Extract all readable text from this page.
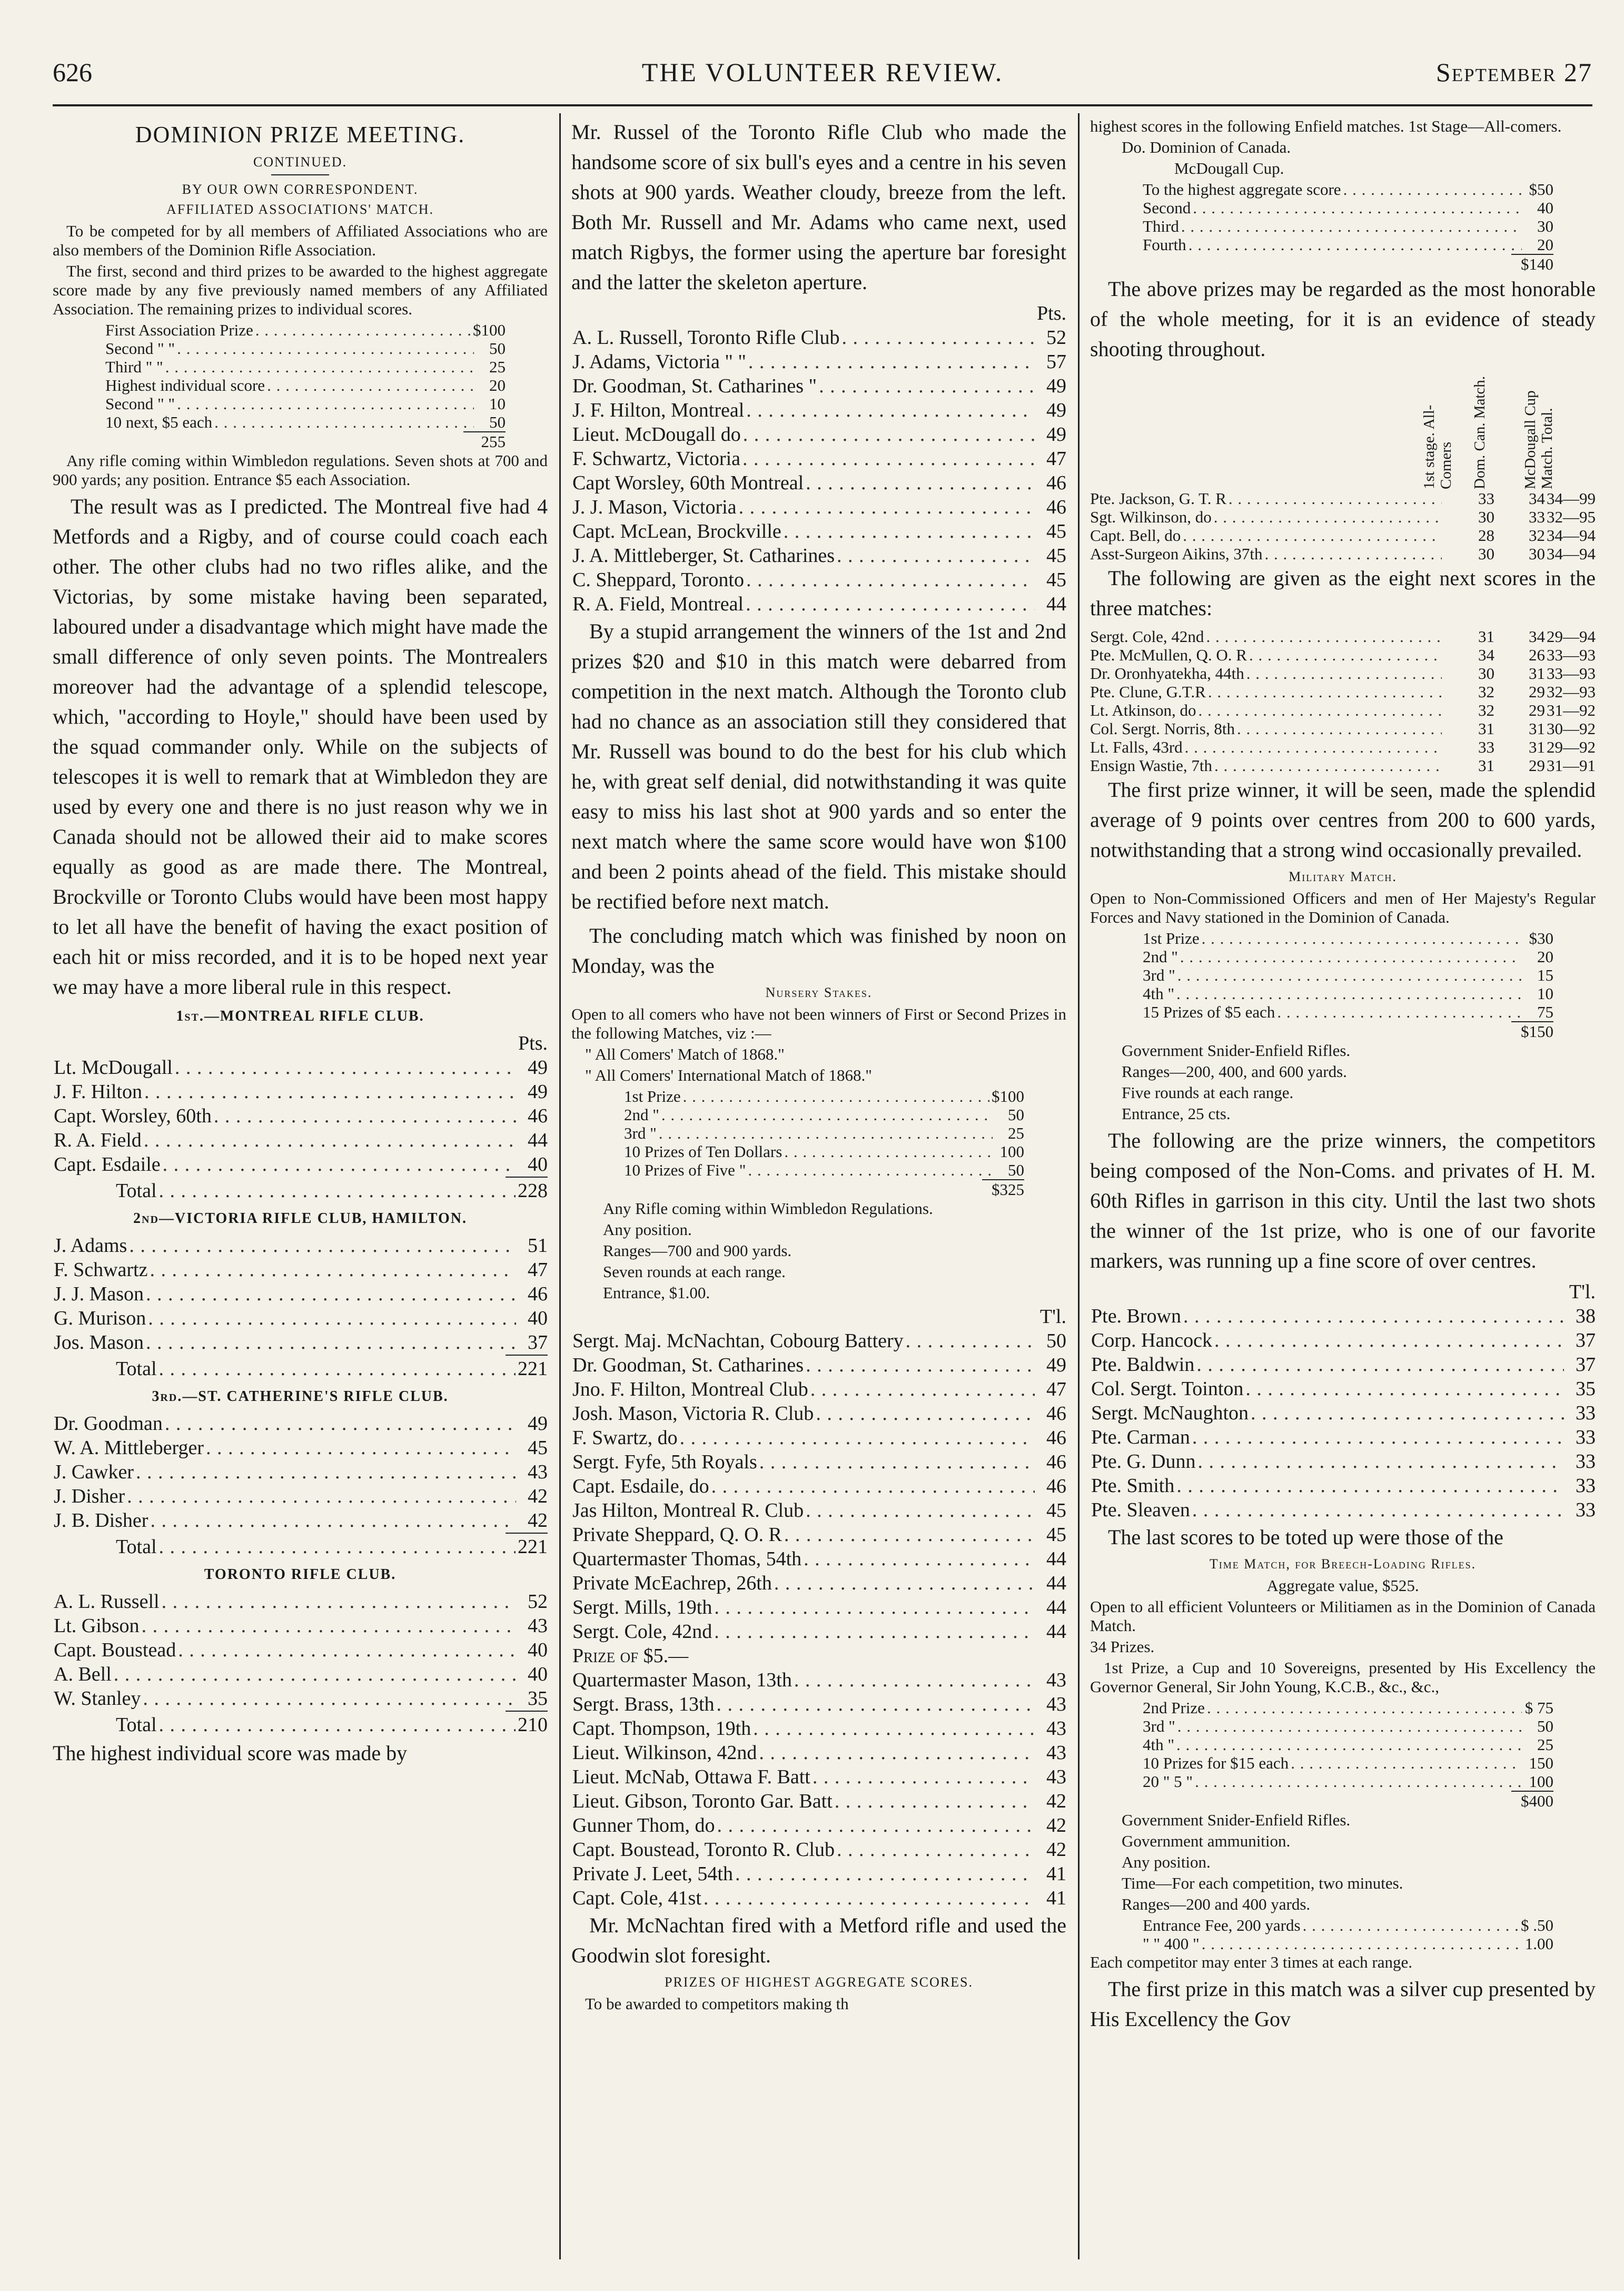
626	THE VOLUNTEER REVIEW.	September 27
DOMINION PRIZE MEETING.
CONTINUED.
BY OUR OWN CORRESPONDENT.
AFFILIATED ASSOCIATIONS' MATCH.

To be competed for by all members of Affiliated Associations who are also members of the Dominion Rifle Association.

The first, second and third prizes to be awarded to the highest aggregate score made by any five previously named members of any Affiliated Association. The remaining prizes to individual scores.

First Association Prize . . .	$100
Second " " . . .	50
Third " " . . .	25
Highest individual score . . .	20
Second " " . . .	10
10 next, $5 each . . .	50
255

Any rifle coming within Wimbledon regulations. Seven shots at 700 and 900 yards; any position. Entrance $5 each Association.

The result was as I predicted. The Montreal five had 4 Metfords and a Rigby, and of course could coach each other. The other clubs had no two rifles alike, and the Victorias, by some mistake having been separated, laboured under a disadvantage which might have made the small difference of only seven points. The Montrealers moreover had the advantage of a splendid telescope, which, "according to Hoyle," should have been used by the squad commander only. While on the subjects of telescopes it is well to remark that at Wimbledon they are used by every one and there is no just reason why we in Canada should not be allowed their aid to make scores equally as good as are made there. The Montreal, Brockville or Toronto Clubs would have been most happy to let all have the benefit of having the exact position of each hit or miss recorded, and it is to be hoped next year we may have a more liberal rule in this respect.

1st.—MONTREAL RIFLE CLUB.
Pts.
Lt. McDougall . . .	49
J. F. Hilton . . .	49
Capt. Worsley, 60th . . .	46
R. A. Field . . .	44
Capt. Esdaile . . .	40
Total . . .	228
2nd—VICTORIA RIFLE CLUB, HAMILTON.
J. Adams . . .	51
F. Schwartz . . .	47
J. J. Mason . . .	46
G. Murison . . .	40
Jos. Mason . . .	37
Total . . .	221
3rd.—ST. CATHERINE'S RIFLE CLUB.
Dr. Goodman . . .	49
W. A. Mittleberger . . .	45
J. Cawker . . .	43
J. Disher . . .	42
J. B. Disher . . .	42
Total . . .	221
TORONTO RIFLE CLUB.
A. L. Russell . . .	52
Lt. Gibson . . .	43
Capt. Boustead . . .	40
A. Bell . . .	40
W. Stanley . . .	35
Total . . .	210

The highest individual score was made by

Mr. Russel of the Toronto Rifle Club who made the handsome score of six bull's eyes and a centre in his seven shots at 900 yards. Weather cloudy, breeze from the left. Both Mr. Russell and Mr. Adams who came next, used match Rigbys, the former using the aperture bar foresight and the latter the skeleton aperture.

Pts.
A. L. Russell, Toronto Rifle Club . . .	52
J. Adams, Victoria " " . . .	57
Dr. Goodman, St. Catharines " . . .	49
J. F. Hilton, Montreal . . .	49
Lieut. McDougall do . . .	49
F. Schwartz, Victoria . . .	47
Capt Worsley, 60th Montreal . . .	46
J. J. Mason, Victoria . . .	46
Capt. McLean, Brockville . . .	45
J. A. Mittleberger, St. Catharines . . .	45
C. Sheppard, Toronto . . .	45
R. A. Field, Montreal . . .	44

By a stupid arrangement the winners of the 1st and 2nd prizes $20 and $10 in this match were debarred from competition in the next match. Although the Toronto club had no chance as an association still they considered that Mr. Russell was bound to do the best for his club which he, with great self denial, did notwithstanding it was quite easy to miss his last shot at 900 yards and so enter the next match where the same score would have won $100 and been 2 points ahead of the field. This mistake should be rectified before next match.

The concluding match which was finished by noon on Monday, was the

Nursery Stakes.

Open to all comers who have not been winners of First or Second Prizes in the following Matches, viz :—

" All Comers' Match of 1868."

" All Comers' International Match of 1868."

1st Prize . . .	$100
2nd " . . .	50
3rd " . . .	25
10 Prizes of Ten Dollars . . .	100
10 Prizes of Five " . . .	50
$325
Any Rifle coming within Wimbledon Regulations.
Any position.
Ranges—700 and 900 yards.
Seven rounds at each range.
Entrance, $1.00.
T'l.
Sergt. Maj. McNachtan, Cobourg Battery . . .	50
Dr. Goodman, St. Catharines . . .	49
Jno. F. Hilton, Montreal Club . . .	47
Josh. Mason, Victoria R. Club . . .	46
F. Swartz, do . . .	46
Sergt. Fyfe, 5th Royals . . .	46
Capt. Esdaile, do . . .	46
Jas Hilton, Montreal R. Club . . .	45
Private Sheppard, Q. O. R . . .	45
Quartermaster Thomas, 54th . . .	44
Private McEachrep, 26th . . .	44
Sergt. Mills, 19th . . .	44
Sergt. Cole, 42nd . . .	44
Prize of $5.—
Quartermaster Mason, 13th . . .	43
Sergt. Brass, 13th . . .	43
Capt. Thompson, 19th . . .	43
Lieut. Wilkinson, 42nd . . .	43
Lieut. McNab, Ottawa F. Batt . . .	43
Lieut. Gibson, Toronto Gar. Batt . . .	42
Gunner Thom, do . . .	42
Capt. Boustead, Toronto R. Club . . .	42
Private J. Leet, 54th . . .	41
Capt. Cole, 41st . . .	41

Mr. McNachtan fired with a Metford rifle and used the Goodwin slot foresight.

PRIZES OF HIGHEST AGGREGATE SCORES.

To be awarded to competitors making th

highest scores in the following Enfield matches. 1st Stage—All-comers.

Do. Dominion of Canada.

McDougall Cup.

To the highest aggregate score . . .	$50
Second . . .	40
Third . . .	30
Fourth . . .	20
$140

The above prizes may be regarded as the most honorable of the whole meeting, for it is an evidence of steady shooting throughout.

1st stage. All-Comers	Dom. Can. Match.	McDougall Cup Match. Total.
Pte. Jackson, G. T. R . . .	33	34 34—99
Sgt. Wilkinson, do . . .	30	33 32—95
Capt. Bell, do . . .	28	32 34—94
Asst-Surgeon Aikins, 37th . . .	30	30 34—94

The following are given as the eight next scores in the three matches:

Sergt. Cole, 42nd . . .	31	34 29—94
Pte. McMullen, Q. O. R . . .	34	26 33—93
Dr. Oronhyatekha, 44th . . .	30	31 33—93
Pte. Clune, G.T.R . . .	32	29 32—93
Lt. Atkinson, do . . .	32	29 31—92
Col. Sergt. Norris, 8th . . .	31	31 30—92
Lt. Falls, 43rd . . .	33	31 29—92
Ensign Wastie, 7th . . .	31	29 31—91

The first prize winner, it will be seen, made the splendid average of 9 points over centres from 200 to 600 yards, notwithstanding that a strong wind occasionally prevailed.

Military Match.

Open to Non-Commissioned Officers and men of Her Majesty's Regular Forces and Navy stationed in the Dominion of Canada.

1st Prize . . .	$30
2nd " . . .	20
3rd " . . .	15
4th " . . .	10
15 Prizes of $5 each . . .	75
$150
Government Snider-Enfield Rifles.
Ranges—200, 400, and 600 yards.
Five rounds at each range.
Entrance, 25 cts.

The following are the prize winners, the competitors being composed of the Non-Coms. and privates of H. M. 60th Rifles in garrison in this city. Until the last two shots the winner of the 1st prize, who is one of our favorite markers, was running up a fine score of over centres.

T'l.
Pte. Brown . . .	38
Corp. Hancock . . .	37
Pte. Baldwin . . .	37
Col. Sergt. Tointon . . .	35
Sergt. McNaughton . . .	33
Pte. Carman . . .	33
Pte. G. Dunn . . .	33
Pte. Smith . . .	33
Pte. Sleaven . . .	33

The last scores to be toted up were those of the

Time Match, for Breech-Loading Rifles.
Aggregate value, $525.

Open to all efficient Volunteers or Militiamen as in the Dominion of Canada Match.

34 Prizes.

1st Prize, a Cup and 10 Sovereigns, presented by His Excellency the Governor General, Sir John Young, K.C.B., &c., &c.,

2nd Prize . . .	$ 75
3rd " . . .	50
4th " . . .	25
10 Prizes for $15 each . . .	150
20 " 5 " . . .	100
$400
Government Snider-Enfield Rifles.
Government ammunition.
Any position.
Time—For each competition, two minutes.
Ranges—200 and 400 yards.
Entrance Fee, 200 yards . . .	$ .50
" " 400 " . . .	1.00

Each competitor may enter 3 times at each range.

The first prize in this match was a silver cup presented by His Excellency the Gov
